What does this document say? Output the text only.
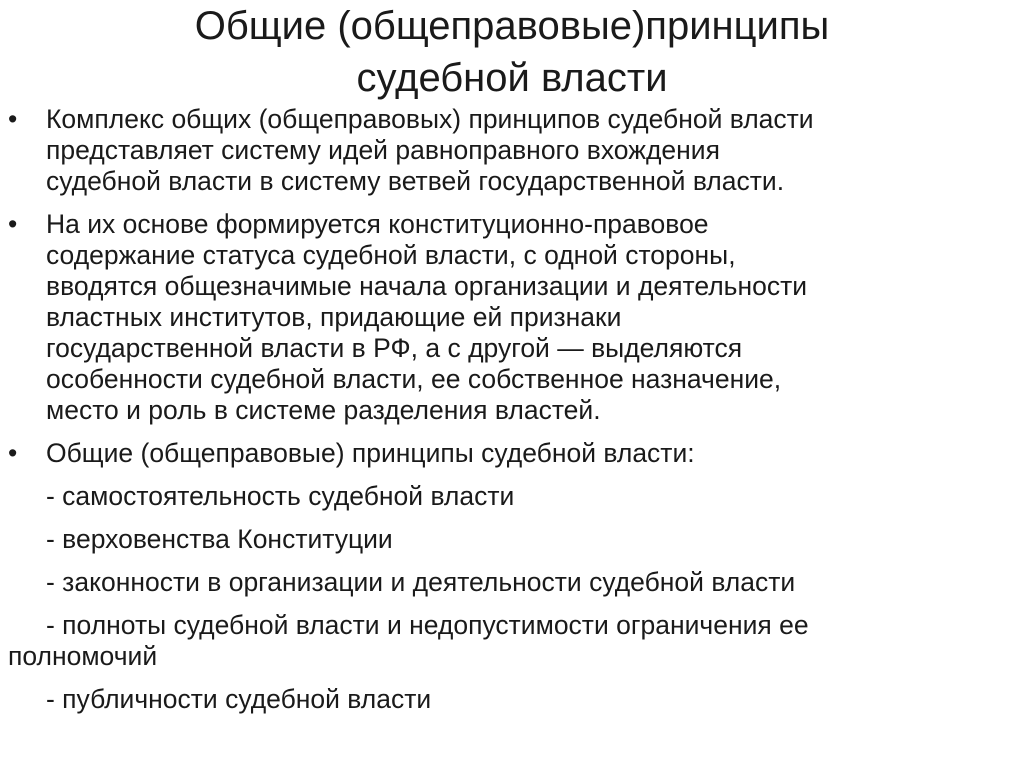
Общие (общеправовые)принципы
судебной власти
•	Комплекс общих (общеправовых) принципов судебной власти
представляет систему идей равноправного вхождения
судебной власти в систему ветвей государственной власти.
•	На их основе формируется конституционно-правовое
содержание статуса судебной власти, с одной стороны,
вводятся общезначимые начала организации и деятельности
властных институтов, придающие ей признаки
государственной власти в РФ, а с другой — выделяются
особенности судебной власти, ее собственное назначение,
место и роль в системе разделения властей.
•	Общие (общеправовые) принципы судебной власти:
- самостоятельность судебной власти
- верховенства Конституции
- законности в организации и деятельности судебной власти
- полноты судебной власти и недопустимости ограничения ее
полномочий
- публичности судебной власти
